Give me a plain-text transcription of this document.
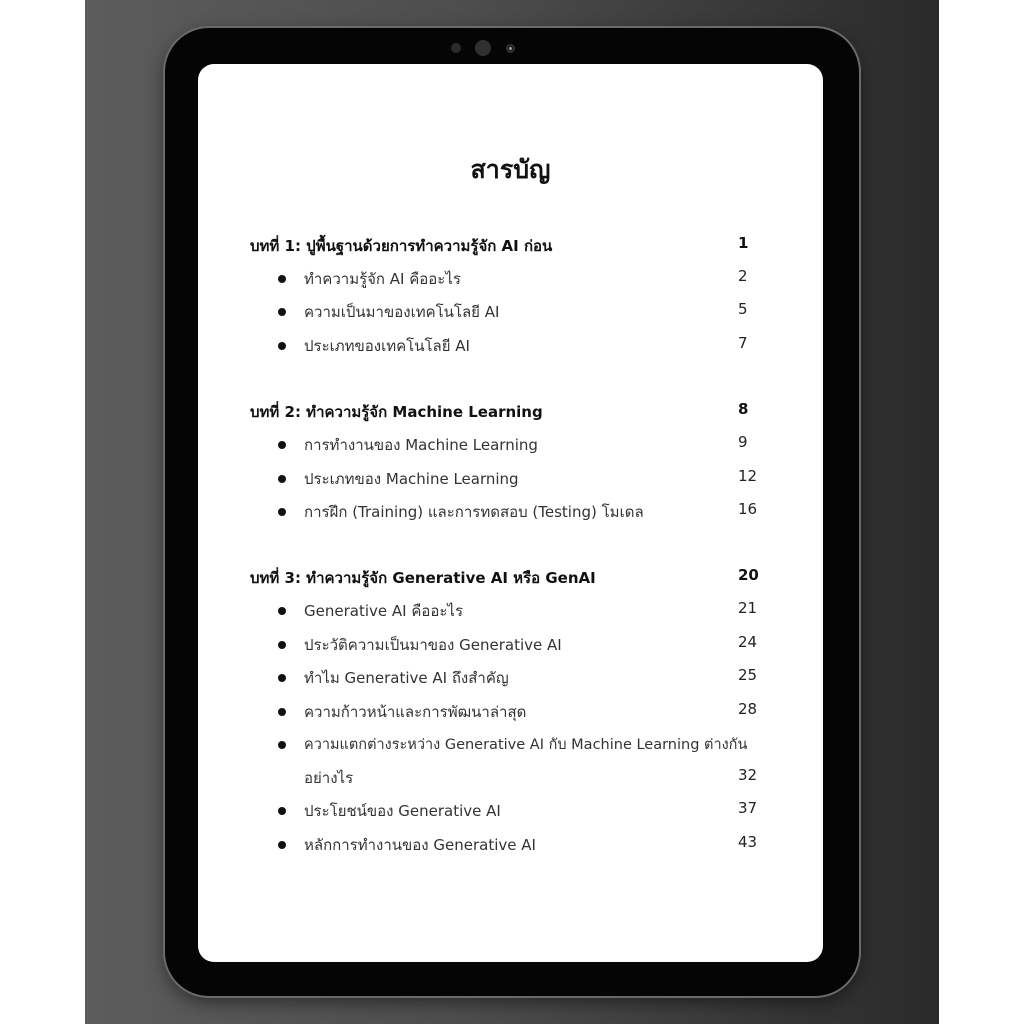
สารบัญ
บทที่ 1: ปูพื้นฐานด้วยการทำความรู้จัก AI ก่อน	1
ทำความรู้จัก AI คืออะไร	2
ความเป็นมาของเทคโนโลยี AI	5
ประเภทของเทคโนโลยี AI	7
บทที่ 2: ทำความรู้จัก Machine Learning	8
การทำงานของ Machine Learning	9
ประเภทของ Machine Learning	12
การฝึก (Training) และการทดสอบ (Testing) โมเดล	16
บทที่ 3: ทำความรู้จัก Generative AI หรือ GenAI	20
Generative AI คืออะไร	21
ประวัติความเป็นมาของ Generative AI	24
ทำไม Generative AI ถึงสำคัญ	25
ความก้าวหน้าและการพัฒนาล่าสุด	28
ความแตกต่างระหว่าง Generative AI กับ Machine Learning ต่างกัน
อย่างไร	32
ประโยชน์ของ Generative AI	37
หลักการทำงานของ Generative AI	43
